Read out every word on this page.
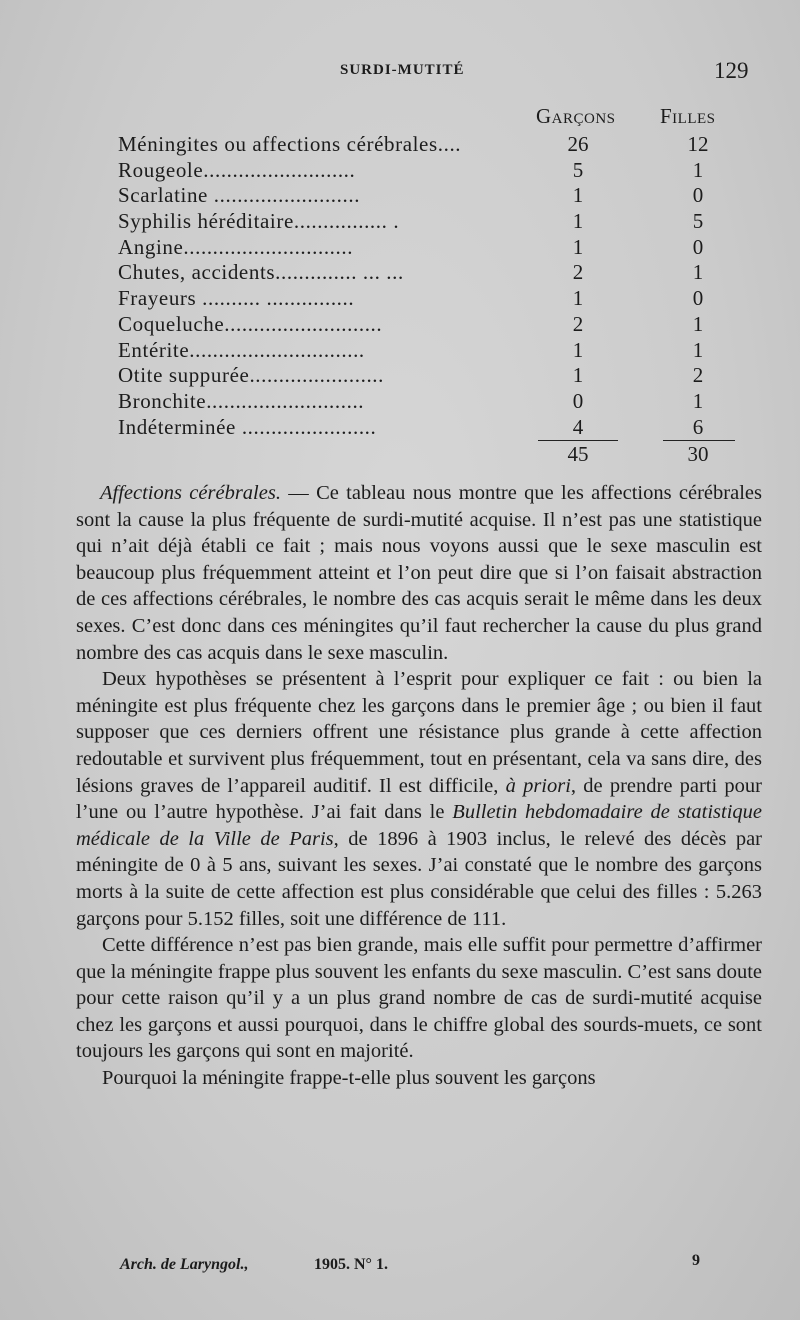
SURDI-MUTITÉ	129
Garçons Filles
Méningites ou affections cérébrales....	26	12
Rougeole..........................	5	1
Scarlatine .........................	1	0
Syphilis héréditaire................ .	1	5
Angine.............................	1	0
Chutes, accidents.............. ... ...	2	1
Frayeurs .......... ...............	1	0
Coqueluche...........................	2	1
Entérite..............................	1	1
Otite suppurée.......................	1	2
Bronchite...........................	0	1
Indéterminée .......................	4	6
45	30

Affections cérébrales. — Ce tableau nous montre que les affections cérébrales sont la cause la plus fréquente de surdi-mutité acquise. Il n’est pas une statistique qui n’ait déjà établi ce fait ; mais nous voyons aussi que le sexe masculin est beaucoup plus fréquemment atteint et l’on peut dire que si l’on faisait abstraction de ces affections cérébrales, le nombre des cas acquis serait le même dans les deux sexes. C’est donc dans ces méningites qu’il faut rechercher la cause du plus grand nombre des cas acquis dans le sexe masculin.

Deux hypothèses se présentent à l’esprit pour expliquer ce fait : ou bien la méningite est plus fréquente chez les garçons dans le premier âge ; ou bien il faut supposer que ces derniers offrent une résistance plus grande à cette affection redoutable et survivent plus fréquemment, tout en présentant, cela va sans dire, des lésions graves de l’appareil auditif. Il est difficile, à priori, de prendre parti pour l’une ou l’autre hypothèse. J’ai fait dans le Bulletin hebdomadaire de statistique médicale de la Ville de Paris, de 1896 à 1903 inclus, le relevé des décès par méningite de 0 à 5 ans, suivant les sexes. J’ai constaté que le nombre des garçons morts à la suite de cette affection est plus considérable que celui des filles : 5.263 garçons pour 5.152 filles, soit une différence de 111.

Cette différence n’est pas bien grande, mais elle suffit pour permettre d’affirmer que la méningite frappe plus souvent les enfants du sexe masculin. C’est sans doute pour cette raison qu’il y a un plus grand nombre de cas de surdi-mutité acquise chez les garçons et aussi pourquoi, dans le chiffre global des sourds-muets, ce sont toujours les garçons qui sont en majorité.

Pourquoi la méningite frappe-t-elle plus souvent les garçons

Arch. de Laryngol.,	1905. N° 1.	9
